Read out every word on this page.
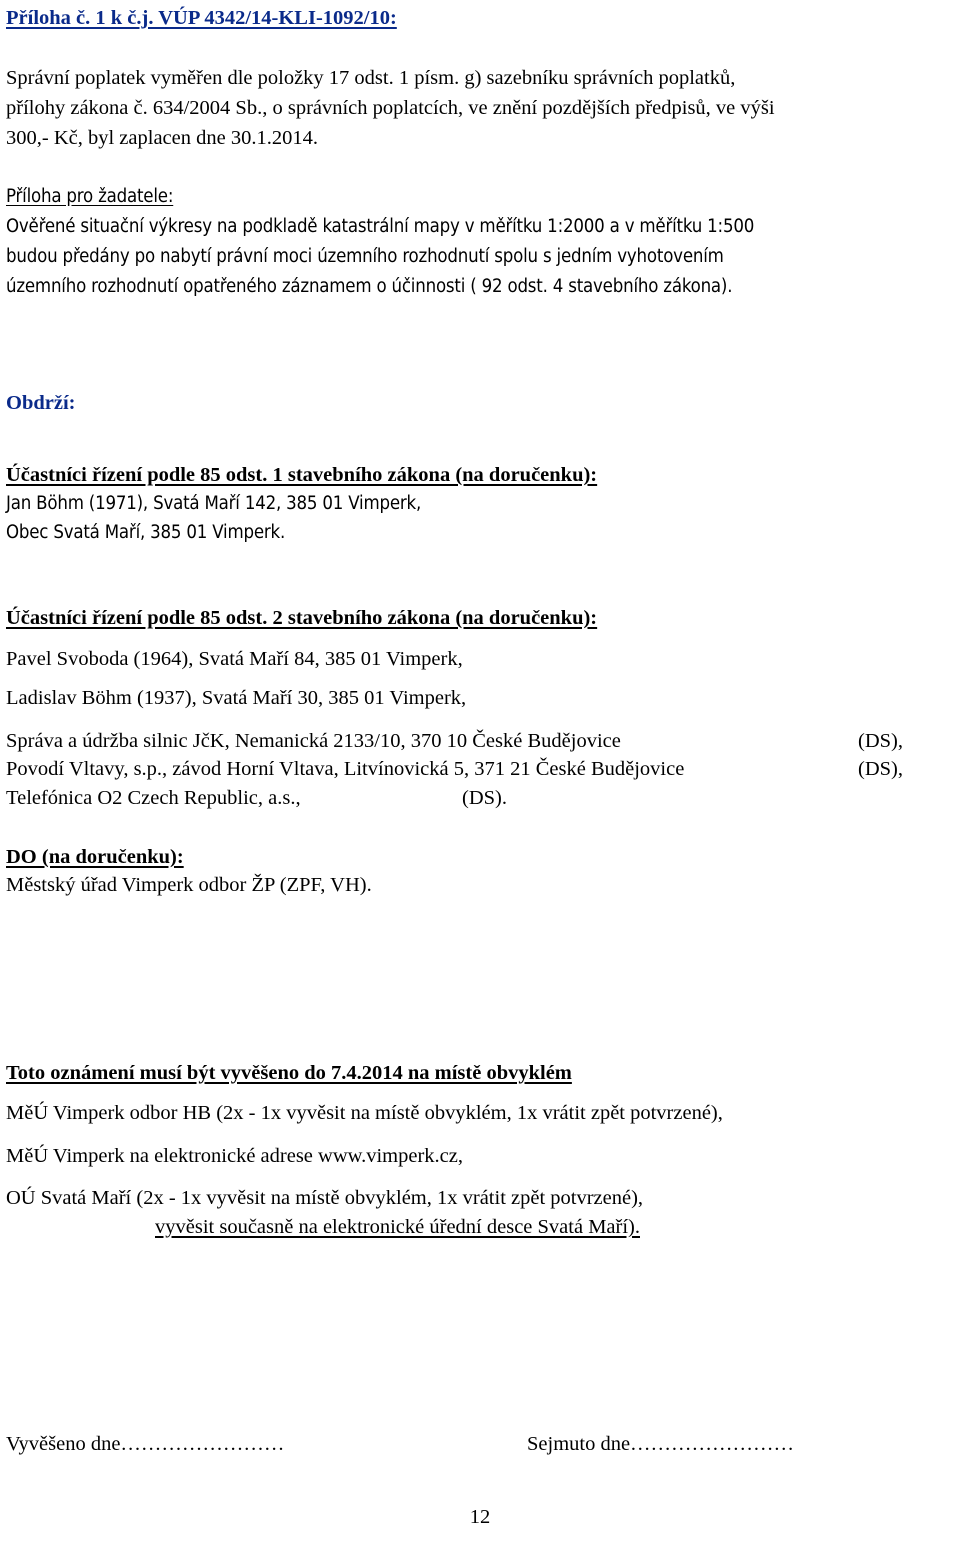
Příloha č. 1 k č.j. VÚP 4342/14-KLI-1092/10:
Správní poplatek vyměřen dle položky 17 odst. 1 písm. g) sazebníku správních poplatků,
přílohy zákona č. 634/2004 Sb., o správních poplatcích, ve znění pozdějších předpisů, ve výši
300,- Kč, byl zaplacen dne 30.1.2014.
Příloha pro žadatele:
Ověřené situační výkresy na podkladě katastrální mapy v měřítku 1:2000 a v měřítku 1:500
budou předány po nabytí právní moci územního rozhodnutí spolu s jedním vyhotovením
územního rozhodnutí opatřeného záznamem o účinnosti ( 92 odst. 4 stavebního zákona).
Obdrží:
Účastníci řízení podle 85 odst. 1 stavebního zákona (na doručenku):
Jan Böhm (1971), Svatá Maří 142, 385 01 Vimperk,
Obec Svatá Maří, 385 01 Vimperk.
Účastníci řízení podle 85 odst. 2 stavebního zákona (na doručenku):
Pavel Svoboda (1964), Svatá Maří 84, 385 01 Vimperk,
Ladislav Böhm (1937), Svatá Maří 30, 385 01 Vimperk,
Správa a údržba silnic JčK, Nemanická 2133/10, 370 10 České Budějovice	(DS),
Povodí Vltavy, s.p., závod Horní Vltava, Litvínovická 5, 371 21 České Budějovice	(DS),
Telefónica O2 Czech Republic, a.s.,	(DS).
DO (na doručenku):
Městský úřad Vimperk odbor ŽP (ZPF, VH).
Toto oznámení musí být vyvěšeno do 7.4.2014 na místě obvyklém
MěÚ Vimperk odbor HB (2x - 1x vyvěsit na místě obvyklém, 1x vrátit zpět potvrzené),
MěÚ Vimperk na elektronické adrese www.vimperk.cz,
OÚ Svatá Maří (2x - 1x vyvěsit na místě obvyklém, 1x vrátit zpět potvrzené),
vyvěsit současně na elektronické úřední desce Svatá Maří).
Vyvěšeno dne……………………	Sejmuto dne……………………
12
